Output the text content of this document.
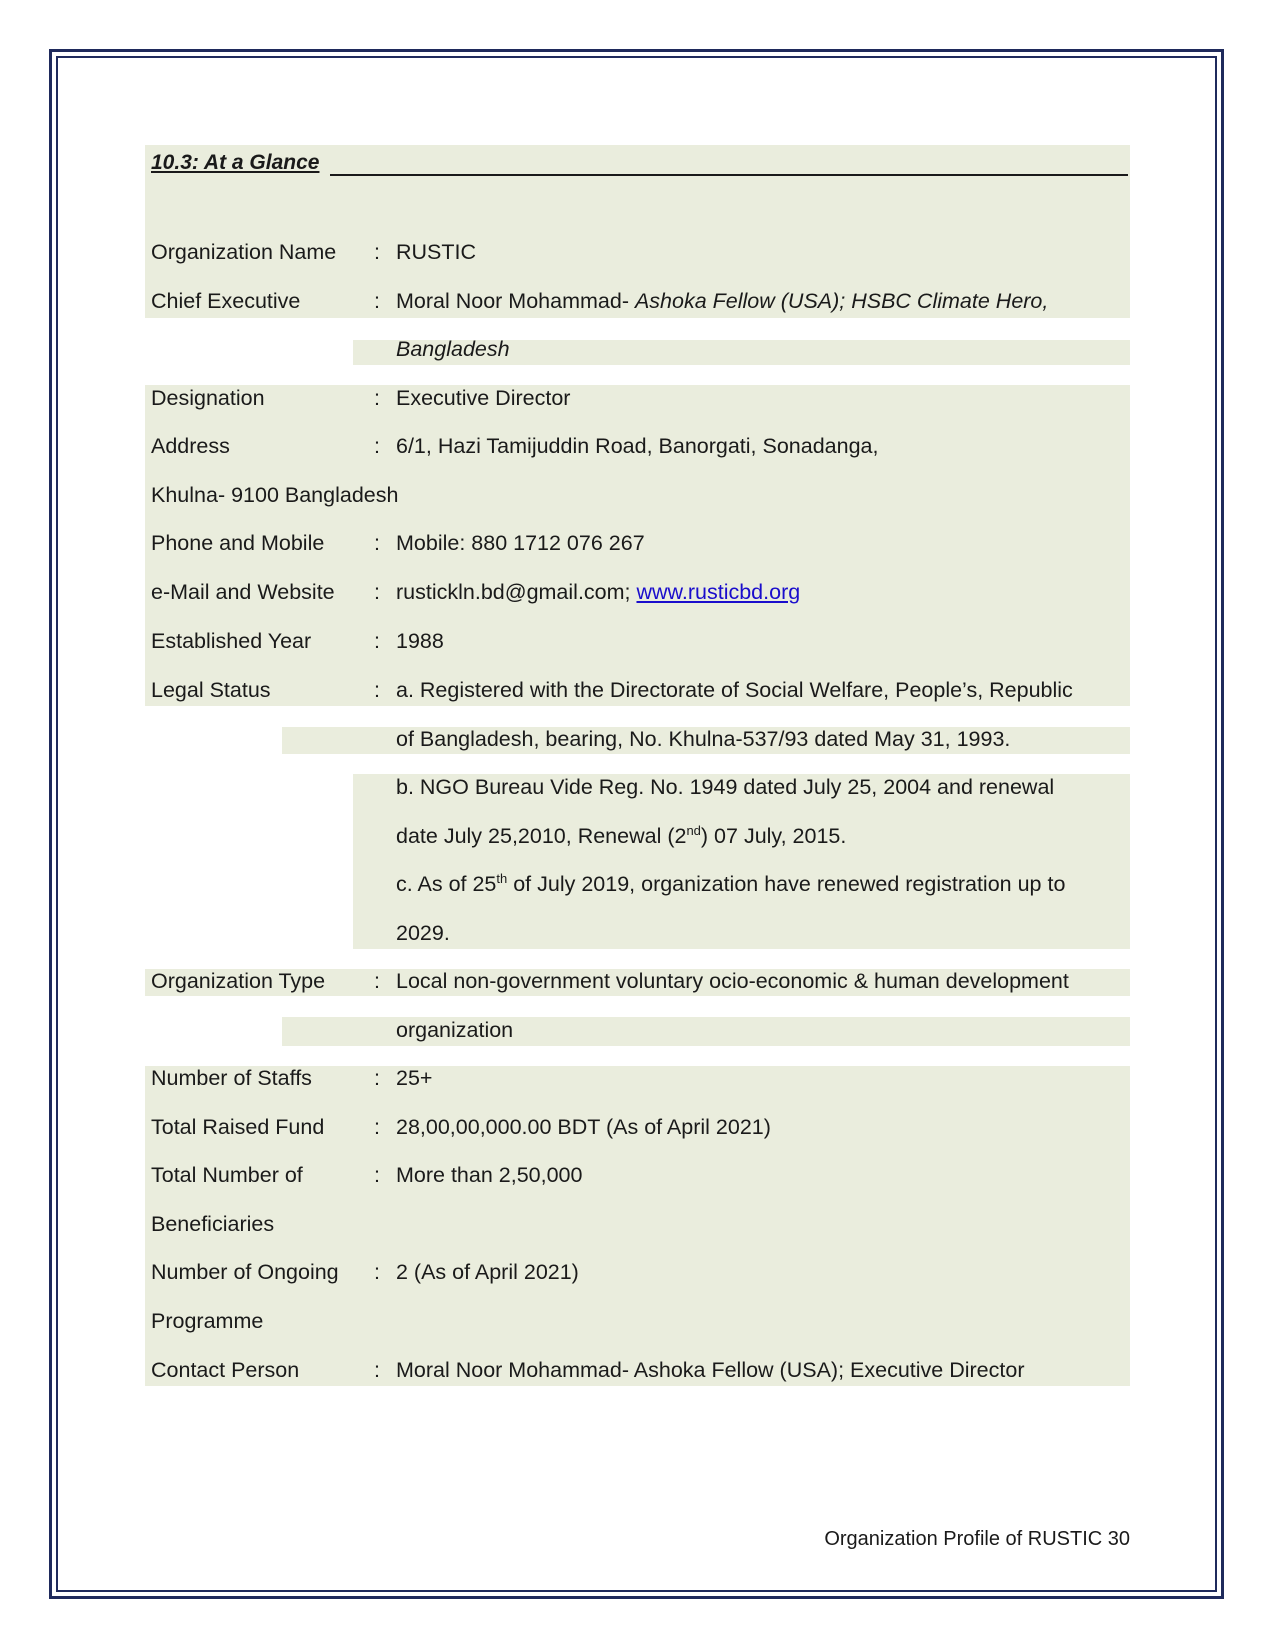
10.3: At a Glance
Organization Name : RUSTIC
Chief Executive	: Moral Noor Mohammad- Ashoka Fellow (USA); HSBC Climate Hero,
Bangladesh
Designation	: Executive Director
Address	: 6/1, Hazi Tamijuddin Road, Banorgati, Sonadanga,
Khulna- 9100 Bangladesh
Phone and Mobile : Mobile: 880 1712 076 267
e-Mail and Website : rustickln.bd@gmail.com; www.rusticbd.org
Established Year	: 1988
Legal Status	: a. Registered with the Directorate of Social Welfare, People’s, Republic
of Bangladesh, bearing, No. Khulna-537/93 dated May 31, 1993.
b. NGO Bureau Vide Reg. No. 1949 dated July 25, 2004 and renewal
date July 25,2010, Renewal (2nd) 07 July, 2015.
c. As of 25th of July 2019, organization have renewed registration up to
2029.
Organization Type : Local non-government voluntary ocio-economic & human development
organization
Number of Staffs	: 25+
Total Raised Fund : 28,00,00,000.00 BDT (As of April 2021)
Total Number of	: More than 2,50,000
Beneficiaries
Number of Ongoing : 2 (As of April 2021)
Programme
Contact Person	: Moral Noor Mohammad- Ashoka Fellow (USA); Executive Director
Organization Profile of RUSTIC 30
